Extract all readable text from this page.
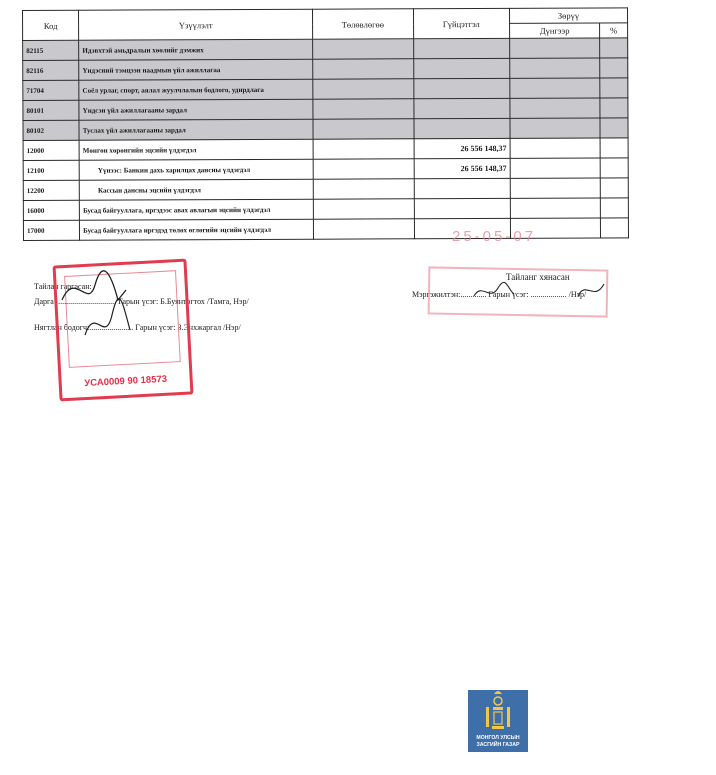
Код	Үзүүлэлт	Төлөвлөгөө	Гүйцэтгэл	Зөрүү	
				Дүнгээр	%
82115	Идэвхтэй амьдралын хөөлийг дэмжих				
82116	Үндэсний тэмцээн наадмын үйл ажиллагаа				
71704	Соёл урлаг, спорт, аялал жуулчлалын бодлого, удирдлага				
80101	Үндсэн үйл ажиллагааны зардал				
80102	Туслах үйл ажиллагааны зардал				
12000	Мөнгөн хөрөнгийн эцсийн үлдэгдэл		26 556 148,37		
12100	Үүнээс: Банкин дахь харилцах дансны үлдэгдэл		26 556 148,37		
12200	Кассын дансны эцсийн үлдэгдэл				
16000	Бусад байгууллага, иргэдээс авах авлагын эцсийн үлдэгдэл				
17000	Бусад байгууллага иргэдэд төлөх өглөгийн эцсийн үлдэгдэл					25-05-07
Тайлан гаргасан:
Дарга:.............................. Гарын үсэг: Б.Буянтогтох /Тамга, Нэр/
Нягтлан бодогч:...................... Гарын үсэг: З.Энхжаргал /Нэр/
Тайланг хянасан
Мэргэжилтэн:............. Гарын үсэг: .................. /Нэр/
УСА0009 90 18573
МОНГОЛ УЛСЫН
ЗАСГИЙН ГАЗАР
